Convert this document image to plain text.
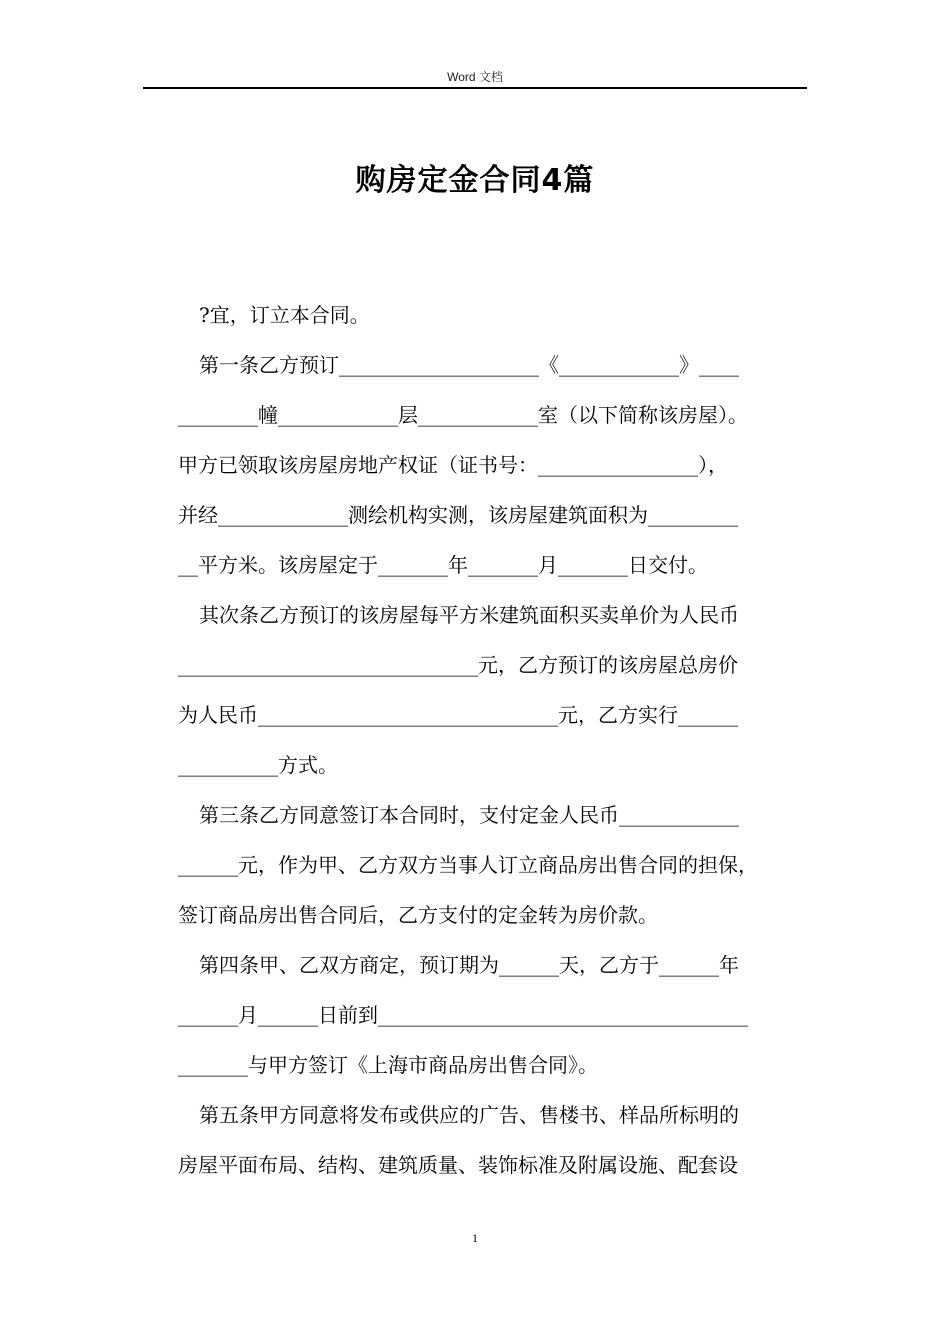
Word 文档
购房定金合同4篇
?宜，订立本合同。
第一条乙方预订____________________《____________》____
________幢____________层____________室（以下简称该房屋）。
甲方已领取该房屋房地产权证（证书号：________________），
并经_____________测绘机构实测，该房屋建筑面积为_________
__平方米。该房屋定于_______年_______月_______日交付。
其次条乙方预订的该房屋每平方米建筑面积买卖单价为人民币
______________________________元，乙方预订的该房屋总房价
为人民币______________________________元，乙方实行______
__________方式。
第三条乙方同意签订本合同时，支付定金人民币____________
______元，作为甲、乙方双方当事人订立商品房出售合同的担保，
签订商品房出售合同后，乙方支付的定金转为房价款。
第四条甲、乙双方商定，预订期为______天，乙方于______年
______月______日前到_____________________________________
_______与甲方签订《上海市商品房出售合同》。
第五条甲方同意将发布或供应的广告、售楼书、样品所标明的
房屋平面布局、结构、建筑质量、装饰标准及附属设施、配套设
1
